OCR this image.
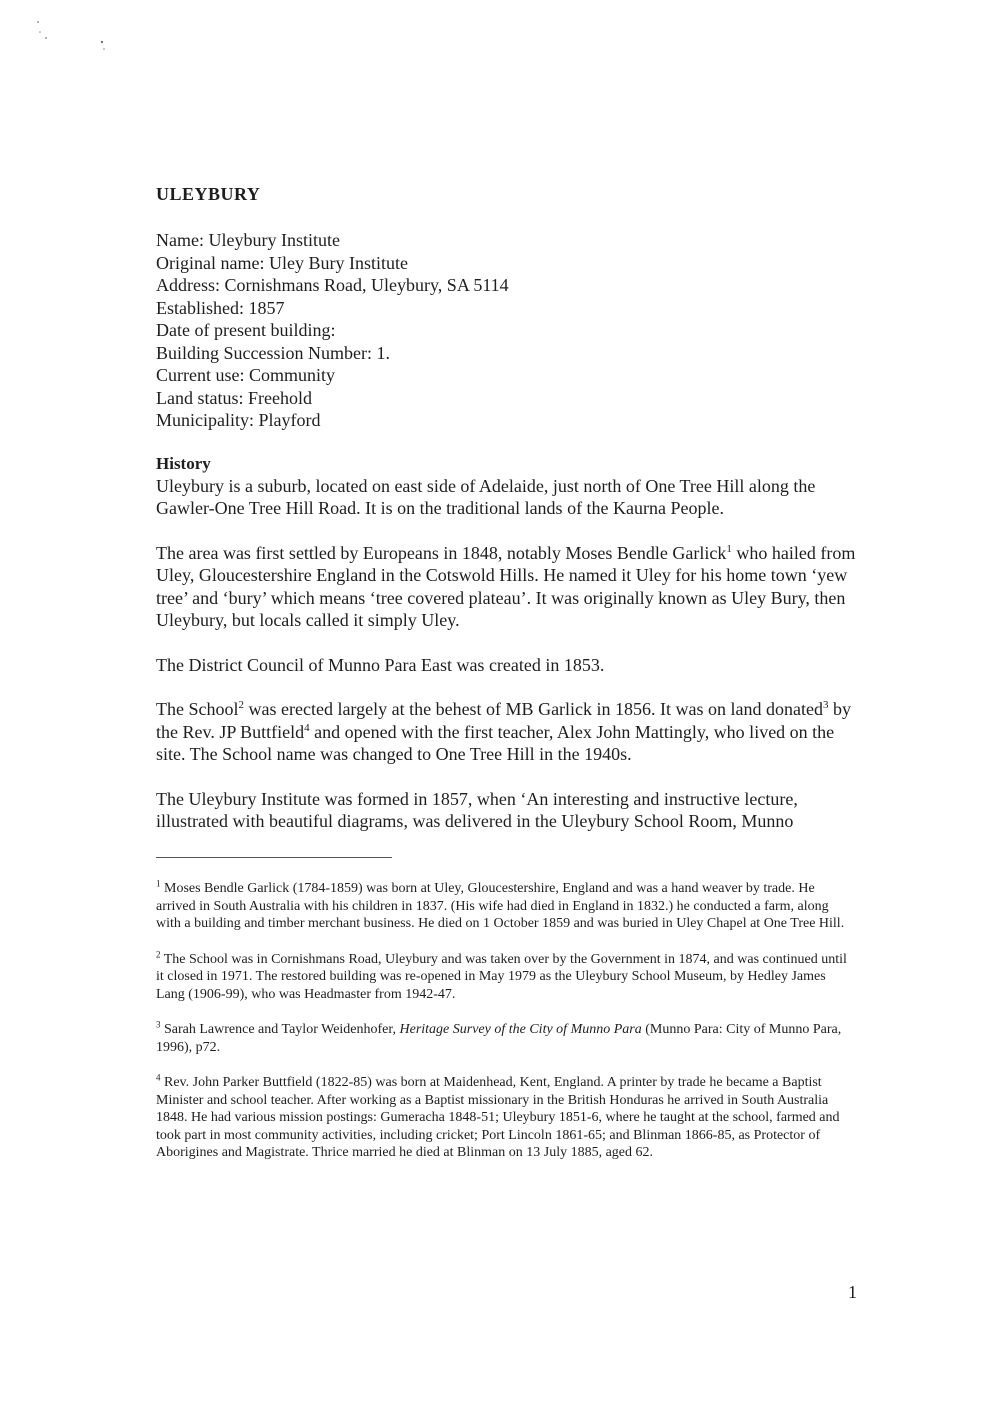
ULEYBURY
Name: Uleybury Institute
Original name: Uley Bury Institute
Address: Cornishmans Road, Uleybury, SA 5114
Established: 1857
Date of present building:
Building Succession Number: 1.
Current use: Community
Land status: Freehold
Municipality: Playford
History

Uleybury is a suburb, located on east side of Adelaide, just north of One Tree Hill along the Gawler-One Tree Hill Road. It is on the traditional lands of the Kaurna People.

The area was first settled by Europeans in 1848, notably Moses Bendle Garlick$^1$ who hailed from Uley, Gloucestershire England in the Cotswold Hills. He named it Uley for his home town ‘yew tree’ and ‘bury’ which means ‘tree covered plateau’. It was originally known as Uley Bury, then Uleybury, but locals called it simply Uley.

The District Council of Munno Para East was created in 1853.

The School$^2$ was erected largely at the behest of MB Garlick in 1856. It was on land donated$^3$ by the Rev. JP Buttfield$^4$ and opened with the first teacher, Alex John Mattingly, who lived on the site. The School name was changed to One Tree Hill in the 1940s.

The Uleybury Institute was formed in 1857, when ‘An interesting and instructive lecture, illustrated with beautiful diagrams, was delivered in the Uleybury School Room, Munno

$^1$ Moses Bendle Garlick (1784-1859) was born at Uley, Gloucestershire, England and was a hand weaver by trade. He arrived in South Australia with his children in 1837. (His wife had died in England in 1832.) he conducted a farm, along with a building and timber merchant business. He died on 1 October 1859 and was buried in Uley Chapel at One Tree Hill.

$^2$ The School was in Cornishmans Road, Uleybury and was taken over by the Government in 1874, and was continued until it closed in 1971. The restored building was re-opened in May 1979 as the Uleybury School Museum, by Hedley James Lang (1906-99), who was Headmaster from 1942-47.

$^3$ Sarah Lawrence and Taylor Weidenhofer, Heritage Survey of the City of Munno Para (Munno Para: City of Munno Para, 1996), p72.

$^4$ Rev. John Parker Buttfield (1822-85) was born at Maidenhead, Kent, England. A printer by trade he became a Baptist Minister and school teacher. After working as a Baptist missionary in the British Honduras he arrived in South Australia 1848. He had various mission postings: Gumeracha 1848-51; Uleybury 1851-6, where he taught at the school, farmed and took part in most community activities, including cricket; Port Lincoln 1861-65; and Blinman 1866-85, as Protector of Aborigines and Magistrate. Thrice married he died at Blinman on 13 July 1885, aged 62.

1
